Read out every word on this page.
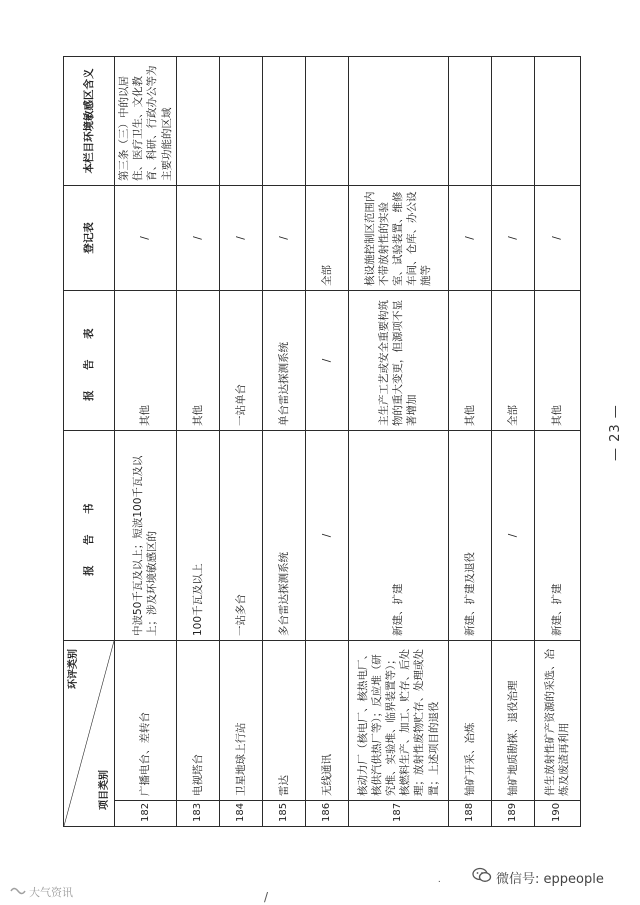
环评类别
项目类别		报 告 书	报 告 表	登记表	本栏目环境敏感区含义
182	广播电台、差转台	中波50千瓦及以上；短波100千瓦及以上；涉及环境敏感区的	其他	/	第三条（三）中的以居住、医疗卫生、文化教育、科研、行政办公等为主要功能的区域
183	电视塔台	100千瓦及以上	其他	/	
184	卫星地球上行站	一站多台	一站单台	/	
185	雷达	多台雷达探测系统	单台雷达探测系统	/	
186	无线通讯	/	/	全部	
187	核动力厂（核电厂、核热电厂、核供汽供热厂等）；反应堆（研究堆、实验堆、临界装置等）；核燃料生产、加工、贮存、后处理；放射性废物贮存、处理或处置；上述项目的退役	新建、扩建	主生产工艺或安全重要构筑物的重大变更，但源项不显著增加	核设施控制区范围内不带放射性的实验室、试验装置、维修车间、仓库、办公设施等	
188	铀矿开采、冶炼	新建、扩建及退役	其他	/	
189	铀矿地质勘探、退役治理	/	全部	/	
190	伴生放射性矿产资源的采选、冶炼及废渣再利用	新建、扩建	其他	/	
·
— 23 —
/
大气资讯
微信号: eppeople
